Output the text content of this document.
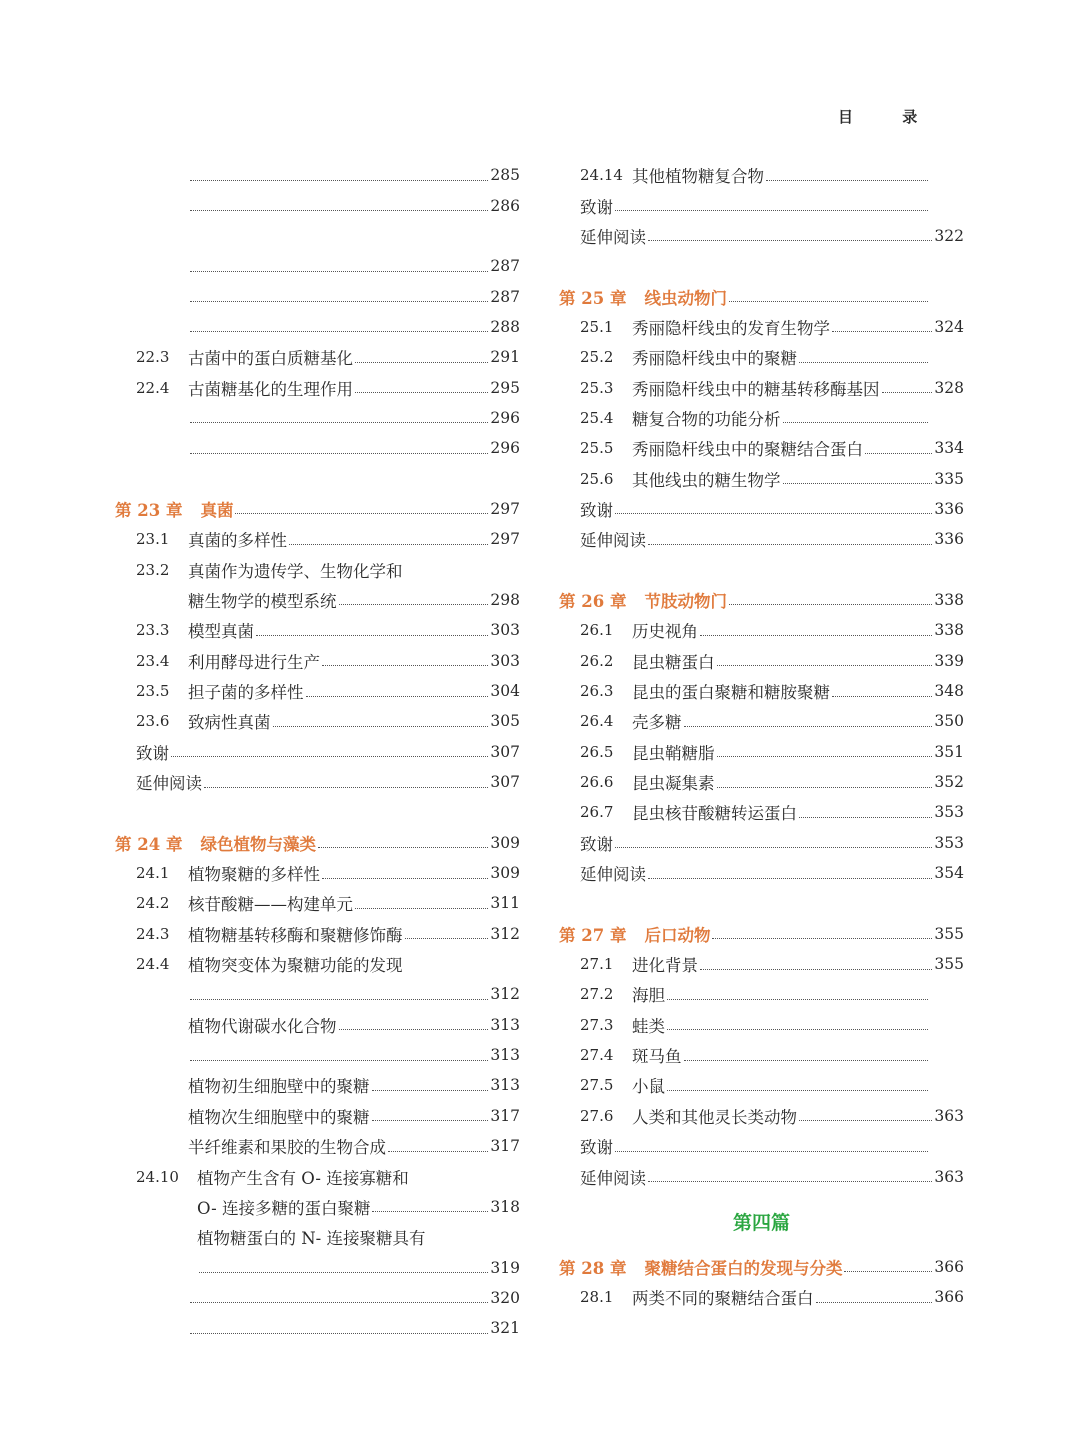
目 录
285
286
287
287
288
22.3	古菌中的蛋白质糖基化	291
22.4	古菌糖基化的生理作用	295
296
296
第 23 章 真菌	297
23.1	真菌的多样性	297
23.2	真菌作为遗传学、生物化学和
糖生物学的模型系统	298
23.3	模型真菌	303
23.4	利用酵母进行生产	303
23.5	担子菌的多样性	304
23.6	致病性真菌	305
致谢	307
延伸阅读	307
第 24 章 绿色植物与藻类	309
24.1	植物聚糖的多样性	309
24.2	核苷酸糖——构建单元	311
24.3	植物糖基转移酶和聚糖修饰酶	312
24.4	植物突变体为聚糖功能的发现
312
植物代谢碳水化合物	313
313
植物初生细胞壁中的聚糖	313
植物次生细胞壁中的聚糖	317
半纤维素和果胶的生物合成	317
24.10	植物产生含有 O- 连接寡糖和
O- 连接多糖的蛋白聚糖	318
植物糖蛋白的 N- 连接聚糖具有
319
320
321
24.14 其他植物糖复合物
致谢
延伸阅读	322
第 25 章 线虫动物门
25.1	秀丽隐杆线虫的发育生物学	324
25.2	秀丽隐杆线虫中的聚糖
25.3	秀丽隐杆线虫中的糖基转移酶基因	328
25.4	糖复合物的功能分析
25.5	秀丽隐杆线虫中的聚糖结合蛋白	334
25.6	其他线虫的糖生物学	335
致谢	336
延伸阅读	336
第 26 章 节肢动物门	338
26.1	历史视角	338
26.2	昆虫糖蛋白	339
26.3	昆虫的蛋白聚糖和糖胺聚糖	348
26.4	壳多糖	350
26.5	昆虫鞘糖脂	351
26.6	昆虫凝集素	352
26.7	昆虫核苷酸糖转运蛋白	353
致谢	353
延伸阅读	354
第 27 章 后口动物	355
27.1	进化背景	355
27.2	海胆
27.3	蛙类
27.4	斑马鱼
27.5	小鼠
27.6	人类和其他灵长类动物	363
致谢
延伸阅读	363
第四篇
第 28 章 聚糖结合蛋白的发现与分类	366
28.1	两类不同的聚糖结合蛋白	366
